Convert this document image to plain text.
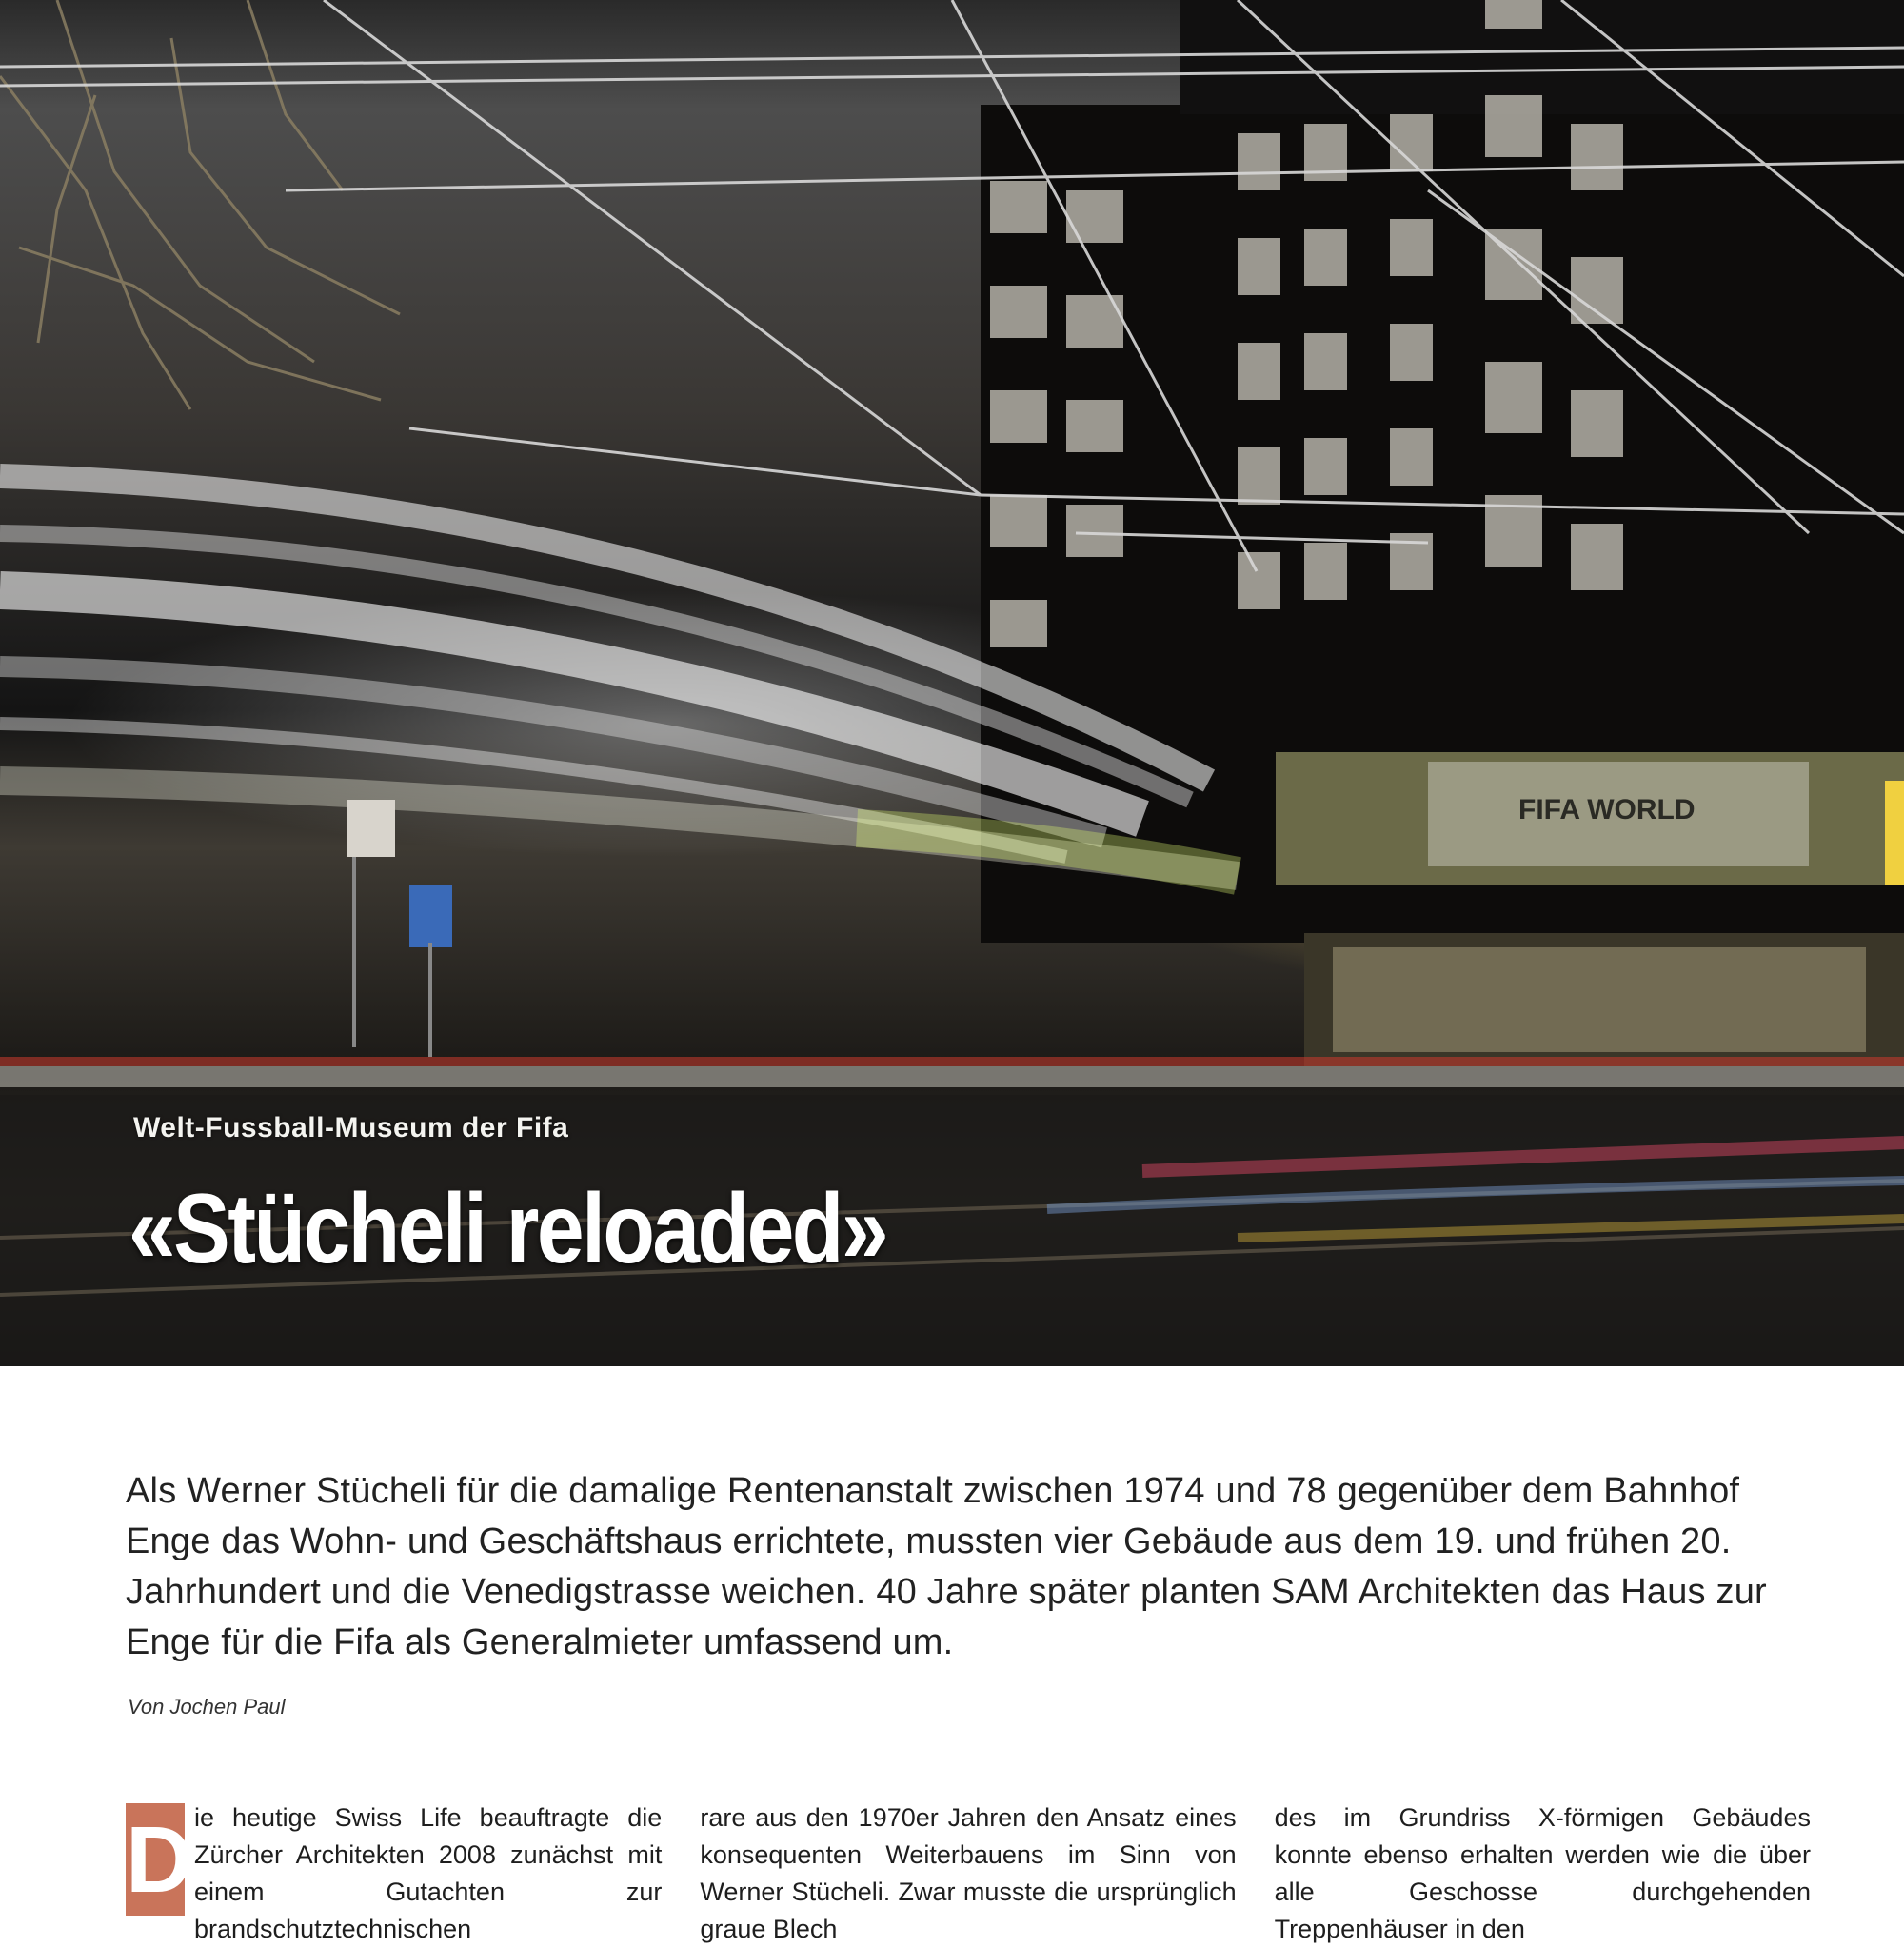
FIFA WORLD
Welt-Fussball-Museum der Fifa
«Stücheli reloaded»

Als Werner Stücheli für die damalige Rentenanstalt zwischen 1974 und 78 gegenüber dem Bahnhof Enge das Wohn- und Geschäftshaus errichtete, mussten vier Gebäude aus dem 19. und frühen 20. Jahrhundert und die Venedigstrasse weichen. 40 Jahre später planten SAM Architekten das Haus zur Enge für die Fifa als Generalmieter umfassend um.

Von Jochen Paul
D ie heutige Swiss Life beauftragte die Zürcher Architekten 2008 zunächst mit einem Gutachten zur brandschutztechnischen
rare aus den 1970er Jahren den Ansatz eines konsequenten Weiterbauens im Sinn von Werner Stücheli. Zwar musste die ursprünglich graue Blech
des im Grundriss X-förmigen Gebäudes konnte ebenso erhalten werden wie die über alle Geschosse durchgehenden Treppenhäuser in den
